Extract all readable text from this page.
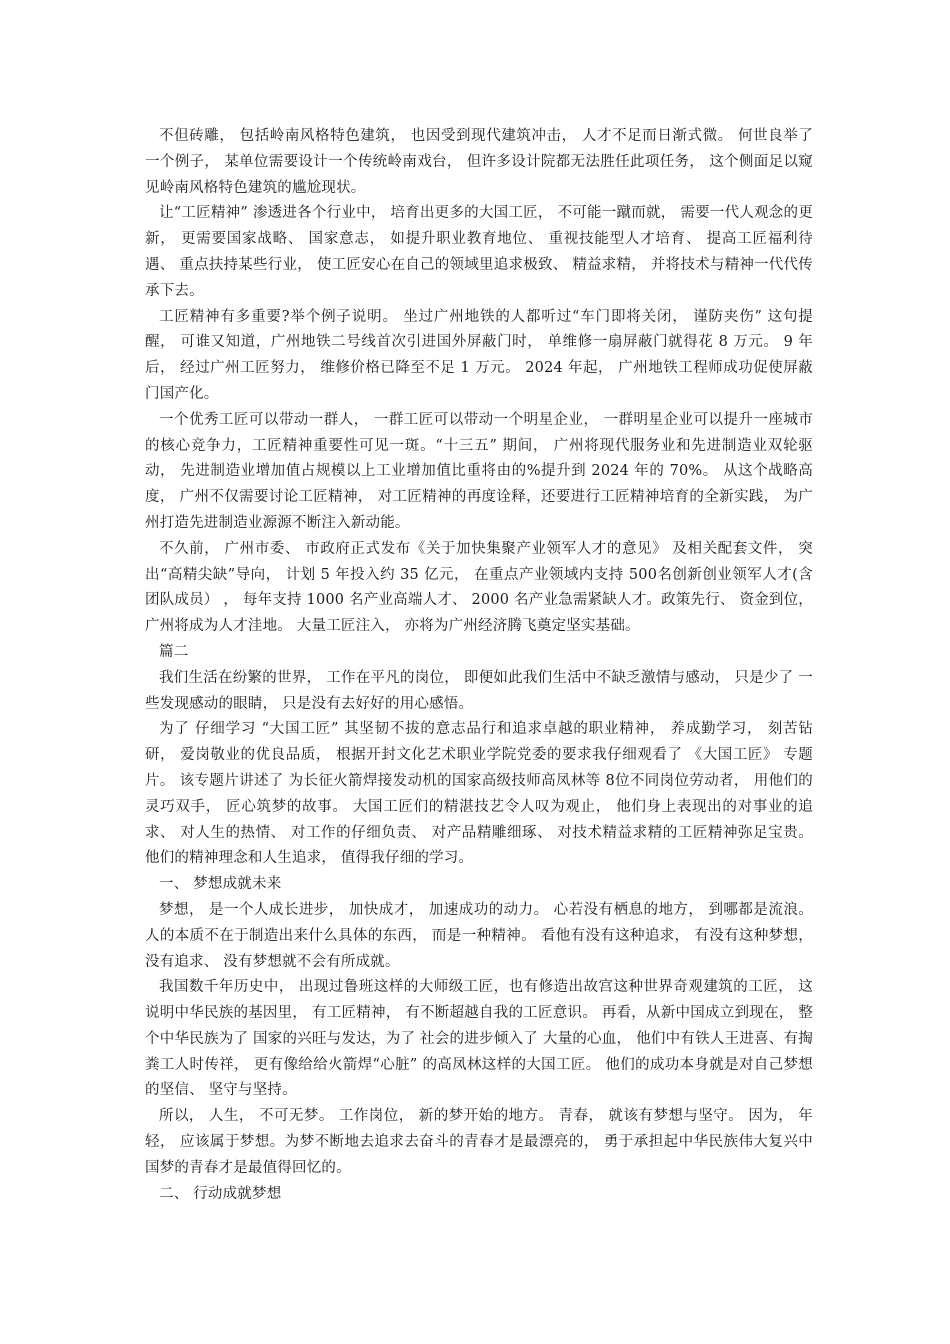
不但砖雕， 包括岭南风格特色建筑， 也因受到现代建筑冲击， 人才不足而日渐式微。 何世良举了 一个例子， 某单位需要设计一个传统岭南戏台， 但许多设计院都无法胜任此项任务， 这个侧面足以窥见岭南风格特色建筑的尴尬现状。

让“工匠精神” 渗透进各个行业中， 培育出更多的大国工匠， 不可能一蹴而就， 需要一代人观念的更新， 更需要国家战略、 国家意志， 如提升职业教育地位、 重视技能型人才培育、 提高工匠福利待遇、 重点扶持某些行业， 使工匠安心在自己的领域里追求极致、 精益求精， 并将技术与精神一代代传承下去。

工匠精神有多重要?举个例子说明。 坐过广州地铁的人都听过“车门即将关闭， 谨防夹伤” 这句提醒， 可谁又知道，广州地铁二号线首次引进国外屏蔽门时， 单维修一扇屏蔽门就得花 8 万元。 9 年后， 经过广州工匠努力， 维修价格已降至不足 1 万元。 2024 年起， 广州地铁工程师成功促使屏蔽门国产化。

一个优秀工匠可以带动一群人， 一群工匠可以带动一个明星企业， 一群明星企业可以提升一座城市的核心竞争力，工匠精神重要性可见一斑。“十三五” 期间， 广州将现代服务业和先进制造业双轮驱动， 先进制造业增加值占规模以上工业增加值比重将由的%提升到 2024 年的 70%。 从这个战略高度， 广州不仅需要讨论工匠精神， 对工匠精神的再度诠释，还要进行工匠精神培育的全新实践， 为广州打造先进制造业源源不断注入新动能。

不久前， 广州市委、 市政府正式发布《关于加快集聚产业领军人才的意见》 及相关配套文件， 突出“高精尖缺”导向， 计划 5 年投入约 35 亿元， 在重点产业领域内支持 500名创新创业领军人才(含团队成员） ， 每年支持 1000 名产业高端人才、 2000 名产业急需紧缺人才。政策先行、 资金到位，广州将成为人才洼地。 大量工匠注入， 亦将为广州经济腾飞奠定坚实基础。

篇二

我们生活在纷繁的世界， 工作在平凡的岗位， 即便如此我们生活中不缺乏激情与感动， 只是少了 一些发现感动的眼睛， 只是没有去好好的用心感悟。

为了 仔细学习 “大国工匠” 其坚韧不拔的意志品行和追求卓越的职业精神， 养成勤学习， 刻苦钻研， 爱岗敬业的优良品质， 根据开封文化艺术职业学院党委的要求我仔细观看了 《大国工匠》 专题片。 该专题片讲述了 为长征火箭焊接发动机的国家高级技师高凤林等 8位不同岗位劳动者， 用他们的灵巧双手， 匠心筑梦的故事。 大国工匠们的精湛技艺令人叹为观止， 他们身上表现出的对事业的追求、 对人生的热情、 对工作的仔细负责、 对产品精雕细琢、 对技术精益求精的工匠精神弥足宝贵。 他们的精神理念和人生追求， 值得我仔细的学习。

一、 梦想成就未来

梦想， 是一个人成长进步， 加快成才， 加速成功的动力。 心若没有栖息的地方， 到哪都是流浪。 人的本质不在于制造出来什么具体的东西， 而是一种精神。 看他有没有这种追求， 有没有这种梦想， 没有追求、 没有梦想就不会有所成就。

我国数千年历史中， 出现过鲁班这样的大师级工匠，也有修造出故宫这种世界奇观建筑的工匠， 这说明中华民族的基因里， 有工匠精神， 有不断超越自我的工匠意识。 再看，从新中国成立到现在， 整个中华民族为了 国家的兴旺与发达，为了 社会的进步倾入了 大量的心血， 他们中有铁人王进喜、有掏粪工人时传祥， 更有像给给火箭焊“心脏” 的高凤林这样的大国工匠。 他们的成功本身就是对自己梦想的坚信、 坚守与坚持。

所以， 人生， 不可无梦。 工作岗位， 新的梦开始的地方。 青春， 就该有梦想与坚守。 因为， 年轻， 应该属于梦想。为梦不断地去追求去奋斗的青春才是最漂亮的， 勇于承担起中华民族伟大复兴中国梦的青春才是最值得回忆的。

二、 行动成就梦想
